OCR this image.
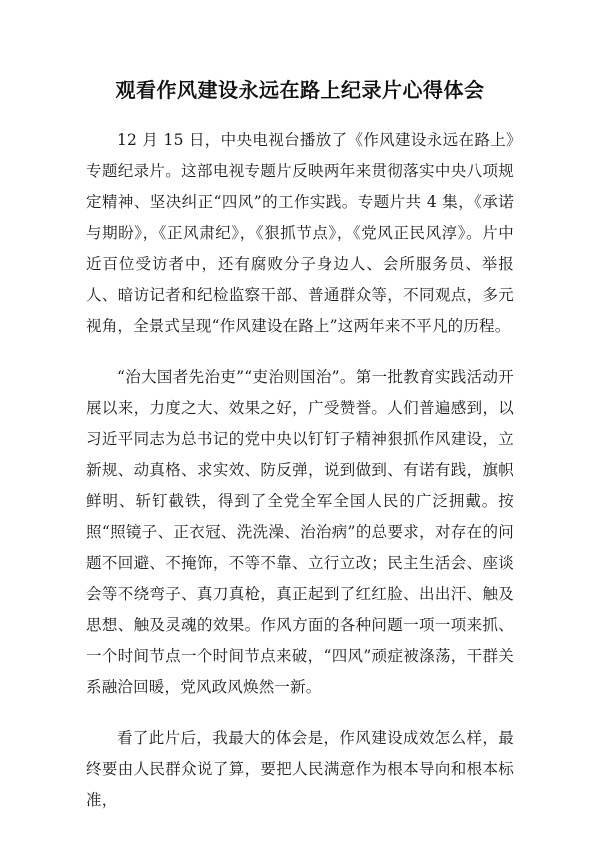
观看作风建设永远在路上纪录片心得体会

12 月 15 日，中央电视台播放了《作风建设永远在路上》专题纪录片。这部电视专题片反映两年来贯彻落实中央八项规定精神、坚决纠正“四风”的工作实践。专题片共 4 集，《承诺与期盼》，《正风肃纪》，《狠抓节点》，《党风正民风淳》。片中近百位受访者中，还有腐败分子身边人、会所服务员、举报人、暗访记者和纪检监察干部、普通群众等，不同观点，多元视角，全景式呈现“作风建设在路上”这两年来不平凡的历程。

“治大国者先治吏”“吏治则国治”。第一批教育实践活动开展以来，力度之大、效果之好，广受赞誉。人们普遍感到，以习近平同志为总书记的党中央以钉钉子精神狠抓作风建设，立新规、动真格、求实效、防反弹，说到做到、有诺有践，旗帜鲜明、斩钉截铁，得到了全党全军全国人民的广泛拥戴。按照“照镜子、正衣冠、洗洗澡、治治病”的总要求，对存在的问题不回避、不掩饰，不等不靠、立行立改；民主生活会、座谈会等不绕弯子、真刀真枪，真正起到了红红脸、出出汗、触及思想、触及灵魂的效果。作风方面的各种问题一项一项来抓、一个时间节点一个时间节点来破，“四风”顽症被涤荡，干群关系融洽回暖，党风政风焕然一新。

看了此片后，我最大的体会是，作风建设成效怎么样，最终要由人民群众说了算，要把人民满意作为根本导向和根本标准，
